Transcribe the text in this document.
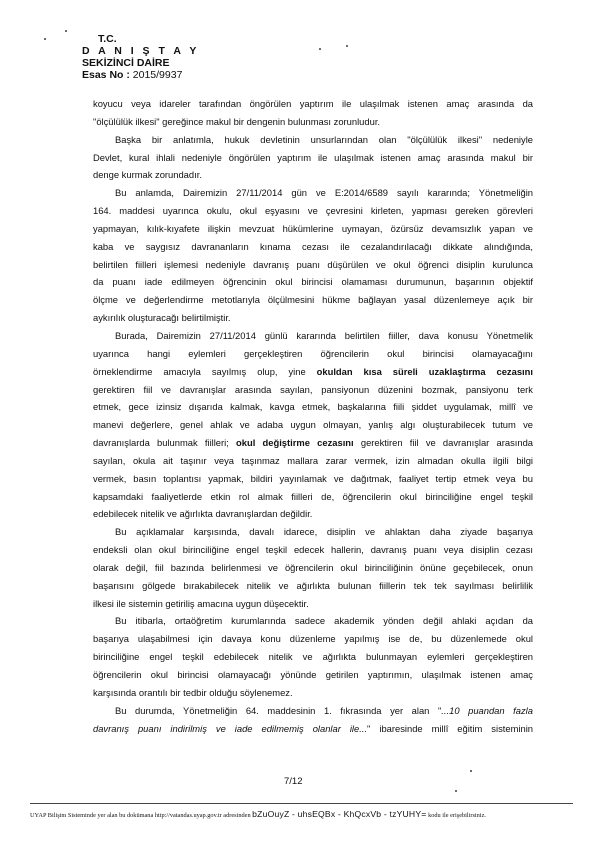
T.C.
D A N I Ş T A Y
SEKİZİNCİ DAİRE
Esas No : 2015/9937
koyucu veya idareler tarafından öngörülen yaptırım ile ulaşılmak istenen amaç arasında da
"ölçülülük ilkesi" gereğince makul bir dengenin bulunması zorunludur.
Başka bir anlatımla, hukuk devletinin unsurlarından olan "ölçülülük ilkesi" nedeniyle
Devlet, kural ihlali nedeniyle öngörülen yaptırım ile ulaşılmak istenen amaç arasında makul bir
denge kurmak zorundadır.
Bu anlamda, Dairemizin 27/11/2014 gün ve E:2014/6589 sayılı kararında; Yönetmeliğin
164. maddesi uyarınca okulu, okul eşyasını ve çevresini kirleten, yapması gereken görevleri
yapmayan, kılık-kıyafete ilişkin mevzuat hükümlerine uymayan, özürsüz devamsızlık yapan ve
kaba ve saygısız davrananların kınama cezası ile cezalandırılacağı dikkate alındığında,
belirtilen fiilleri işlemesi nedeniyle davranış puanı düşürülen ve okul öğrenci disiplin kurulunca
da puanı iade edilmeyen öğrencinin okul birincisi olamaması durumunun, başarının objektif
ölçme ve değerlendirme metotlarıyla ölçülmesini hükme bağlayan yasal düzenlemeye açık bir
aykırılık oluşturacağı belirtilmiştir.
Burada, Dairemizin 27/11/2014 günlü kararında belirtilen fiiller, dava konusu Yönetmelik
uyarınca hangi eylemleri gerçekleştiren öğrencilerin okul birincisi olamayacağını
örneklendirme amacıyla sayılmış olup, yine okuldan kısa süreli uzaklaştırma cezasını
gerektiren fiil ve davranışlar arasında sayılan, pansiyonun düzenini bozmak, pansiyonu terk
etmek, gece izinsiz dışarıda kalmak, kavga etmek, başkalarına fiili şiddet uygulamak, millî ve
manevi değerlere, genel ahlak ve adaba uygun olmayan, yanlış algı oluşturabilecek tutum ve
davranışlarda bulunmak fiilleri; okul değiştirme cezasını gerektiren fiil ve davranışlar arasında
sayılan, okula ait taşınır veya taşınmaz mallara zarar vermek, izin almadan okulla ilgili bilgi
vermek, basın toplantısı yapmak, bildiri yayınlamak ve dağıtmak, faaliyet tertip etmek veya bu
kapsamdaki faaliyetlerde etkin rol almak fiilleri de, öğrencilerin okul birinciliğine engel teşkil
edebilecek nitelik ve ağırlıkta davranışlardan değildir.
Bu açıklamalar karşısında, davalı idarece, disiplin ve ahlaktan daha ziyade başarıya
endeksli olan okul birinciliğine engel teşkil edecek hallerin, davranış puanı veya disiplin cezası
olarak değil, fiil bazında belirlenmesi ve öğrencilerin okul birinciliğinin önüne geçebilecek, onun
başarısını gölgede bırakabilecek nitelik ve ağırlıkta bulunan fiillerin tek tek sayılması belirlilik
ilkesi ile sistemin getiriliş amacına uygun düşecektir.
Bu itibarla, ortaöğretim kurumlarında sadece akademik yönden değil ahlaki açıdan da
başarıya ulaşabilmesi için davaya konu düzenleme yapılmış ise de, bu düzenlemede okul
birinciliğine engel teşkil edebilecek nitelik ve ağırlıkta bulunmayan eylemleri gerçekleştiren
öğrencilerin okul birincisi olamayacağı yönünde getirilen yaptırımın, ulaşılmak istenen amaç
karşısında orantılı bir tedbir olduğu söylenemez.
Bu durumda, Yönetmeliğin 64. maddesinin 1. fıkrasında yer alan "...10 puandan fazla
davranış puanı indirilmiş ve iade edilmemiş olanlar ile..." ibaresinde millî eğitim sisteminin
7/12
UYAP Bilişim Sisteminde yer alan bu dokümana http://vatandas.uyap.gov.tr adresinden bZuOuyZ - uhsEQBx - KhQcxVb - tzYUHY= kodu ile erişebilirsiniz.
